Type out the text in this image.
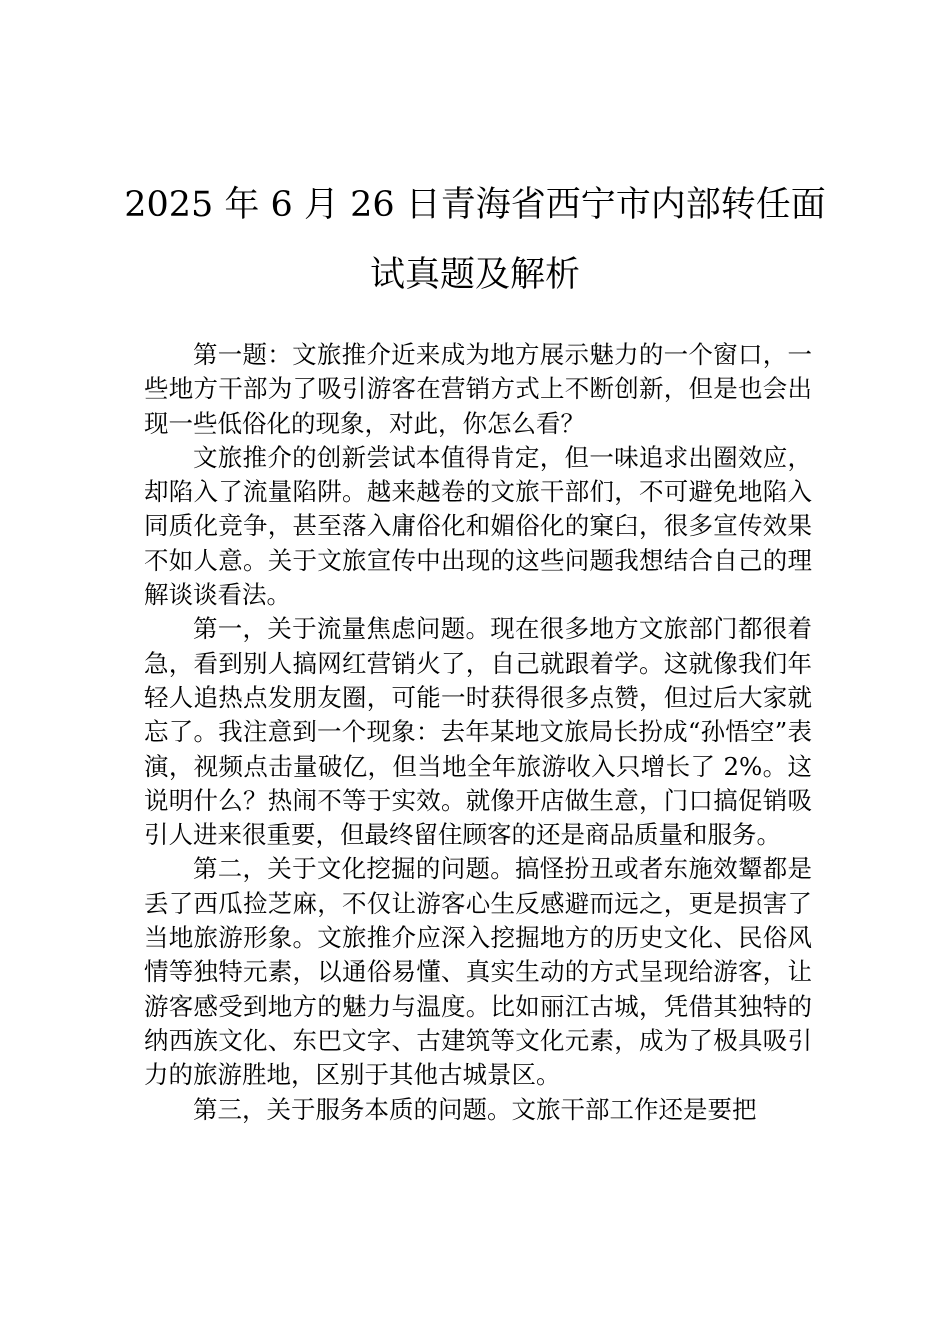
2025 年 6 月 26 日青海省西宁市内部转任面
试真题及解析

第一题：文旅推介近来成为地方展示魅力的一个窗口，一些地方干部为了吸引游客在营销方式上不断创新，但是也会出现一些低俗化的现象，对此，你怎么看？

文旅推介的创新尝试本值得肯定，但一味追求出圈效应，却陷入了流量陷阱。越来越卷的文旅干部们，不可避免地陷入同质化竞争，甚至落入庸俗化和媚俗化的窠臼，很多宣传效果不如人意。关于文旅宣传中出现的这些问题我想结合自己的理解谈谈看法。

第一，关于流量焦虑问题。现在很多地方文旅部门都很着急，看到别人搞网红营销火了，自己就跟着学。这就像我们年轻人追热点发朋友圈，可能一时获得很多点赞，但过后大家就忘了。我注意到一个现象：去年某地文旅局长扮成“孙悟空”表演，视频点击量破亿，但当地全年旅游收入只增长了 2%。这说明什么？热闹不等于实效。就像开店做生意，门口搞促销吸引人进来很重要，但最终留住顾客的还是商品质量和服务。

第二，关于文化挖掘的问题。搞怪扮丑或者东施效颦都是丢了西瓜捡芝麻，不仅让游客心生反感避而远之，更是损害了当地旅游形象。文旅推介应深入挖掘地方的历史文化、民俗风情等独特元素，以通俗易懂、真实生动的方式呈现给游客，让游客感受到地方的魅力与温度。比如丽江古城，凭借其独特的纳西族文化、东巴文字、古建筑等文化元素，成为了极具吸引力的旅游胜地，区别于其他古城景区。

第三，关于服务本质的问题。文旅干部工作还是要把
